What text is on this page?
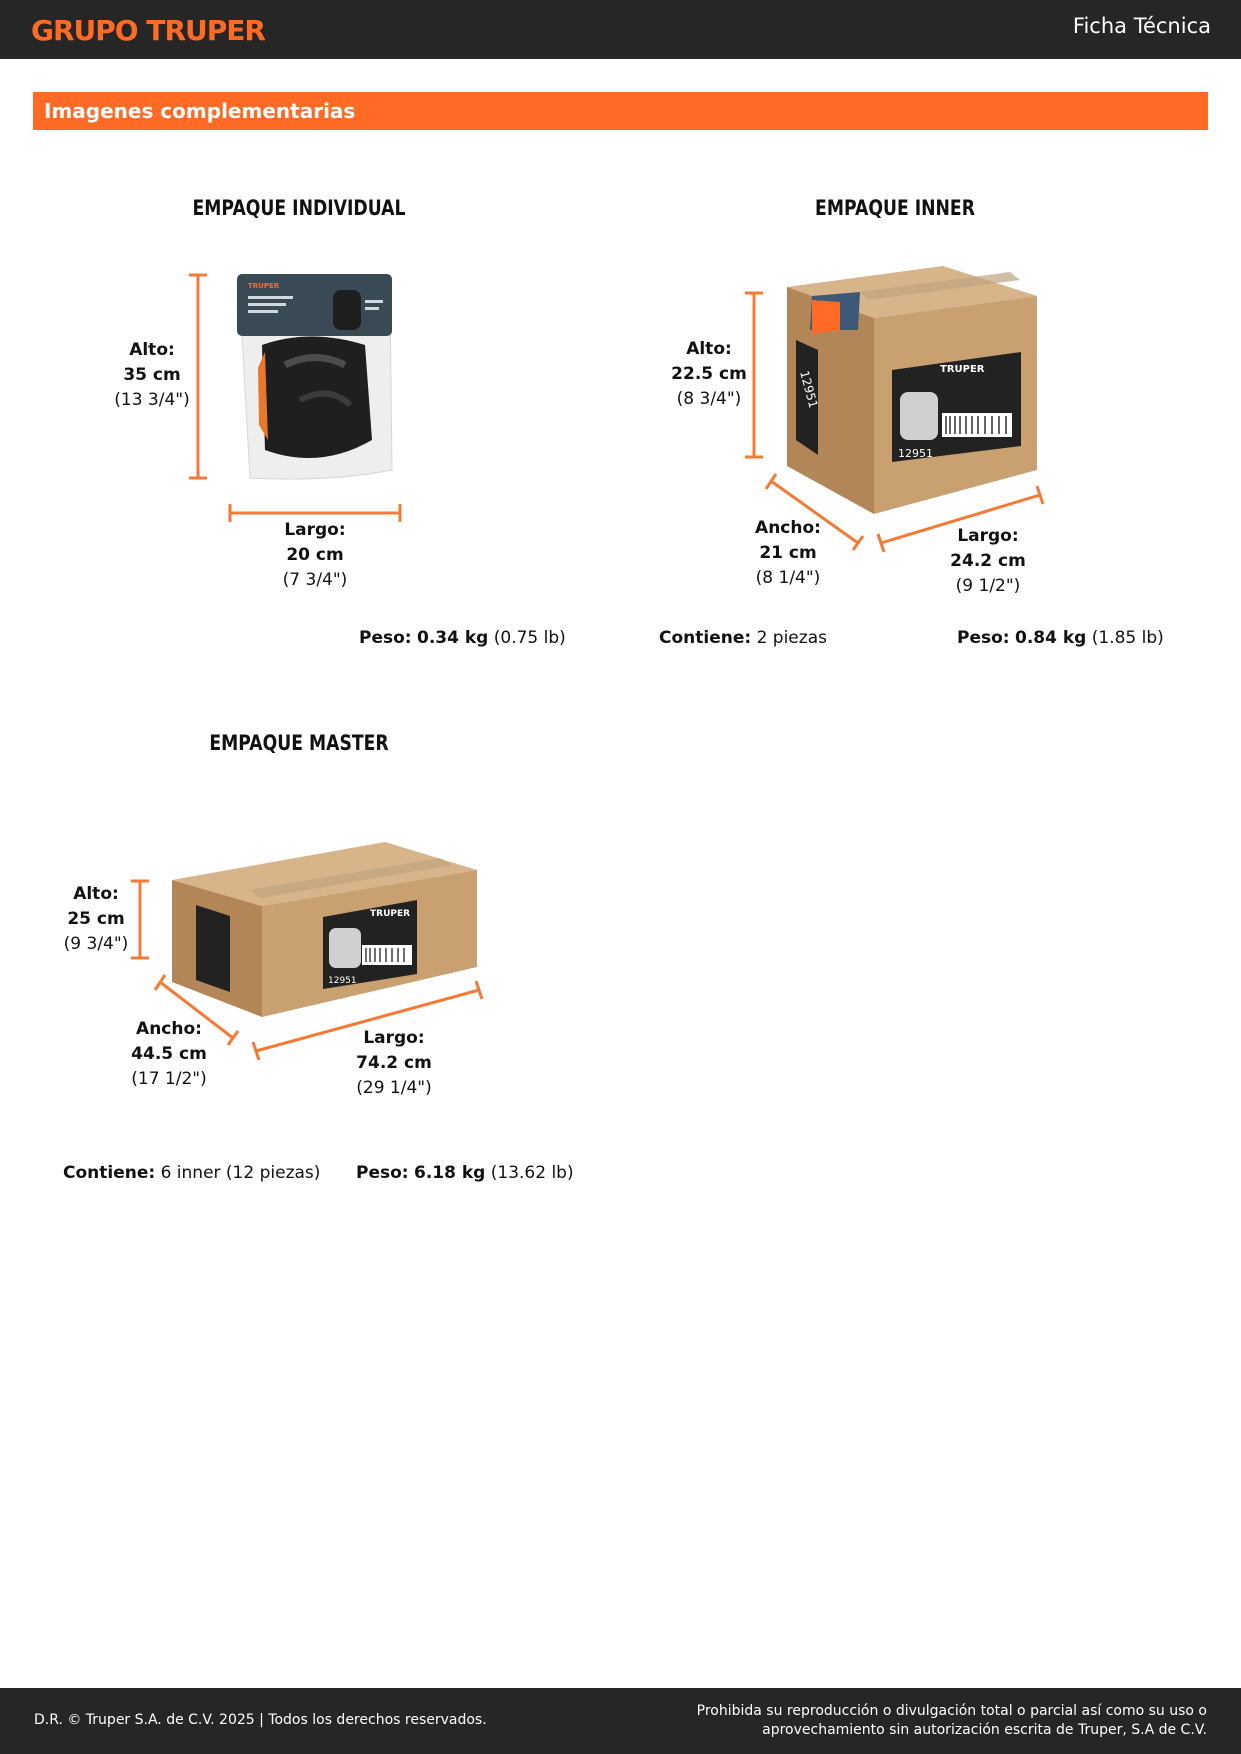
GRUPO TRUPER	Ficha Técnica
Imagenes complementarias
TRUPER
12951	TRUPER
12951
TRUPER
12951
EMPAQUE INDIVIDUAL
Alto:
35 cm
(13 3/4")
Largo:
20 cm
(7 3/4")
Peso: 0.34 kg (0.75 lb)
EMPAQUE INNER
Alto:
22.5 cm
(8 3/4")
Ancho:
21 cm
(8 1/4")
Largo:
24.2 cm
(9 1/2")
Contiene: 2 piezas	Peso: 0.84 kg (1.85 lb)
EMPAQUE MASTER
Alto:
25 cm
(9 3/4")
Ancho:
44.5 cm
(17 1/2")
Largo:
74.2 cm
(29 1/4")
Contiene: 6 inner (12 piezas) Peso: 6.18 kg (13.62 lb)
D.R. © Truper S.A. de C.V. 2025 | Todos los derechos reservados.
Prohibida su reproducción o divulgación total o parcial así como su uso o
aprovechamiento sin autorización escrita de Truper, S.A de C.V.
